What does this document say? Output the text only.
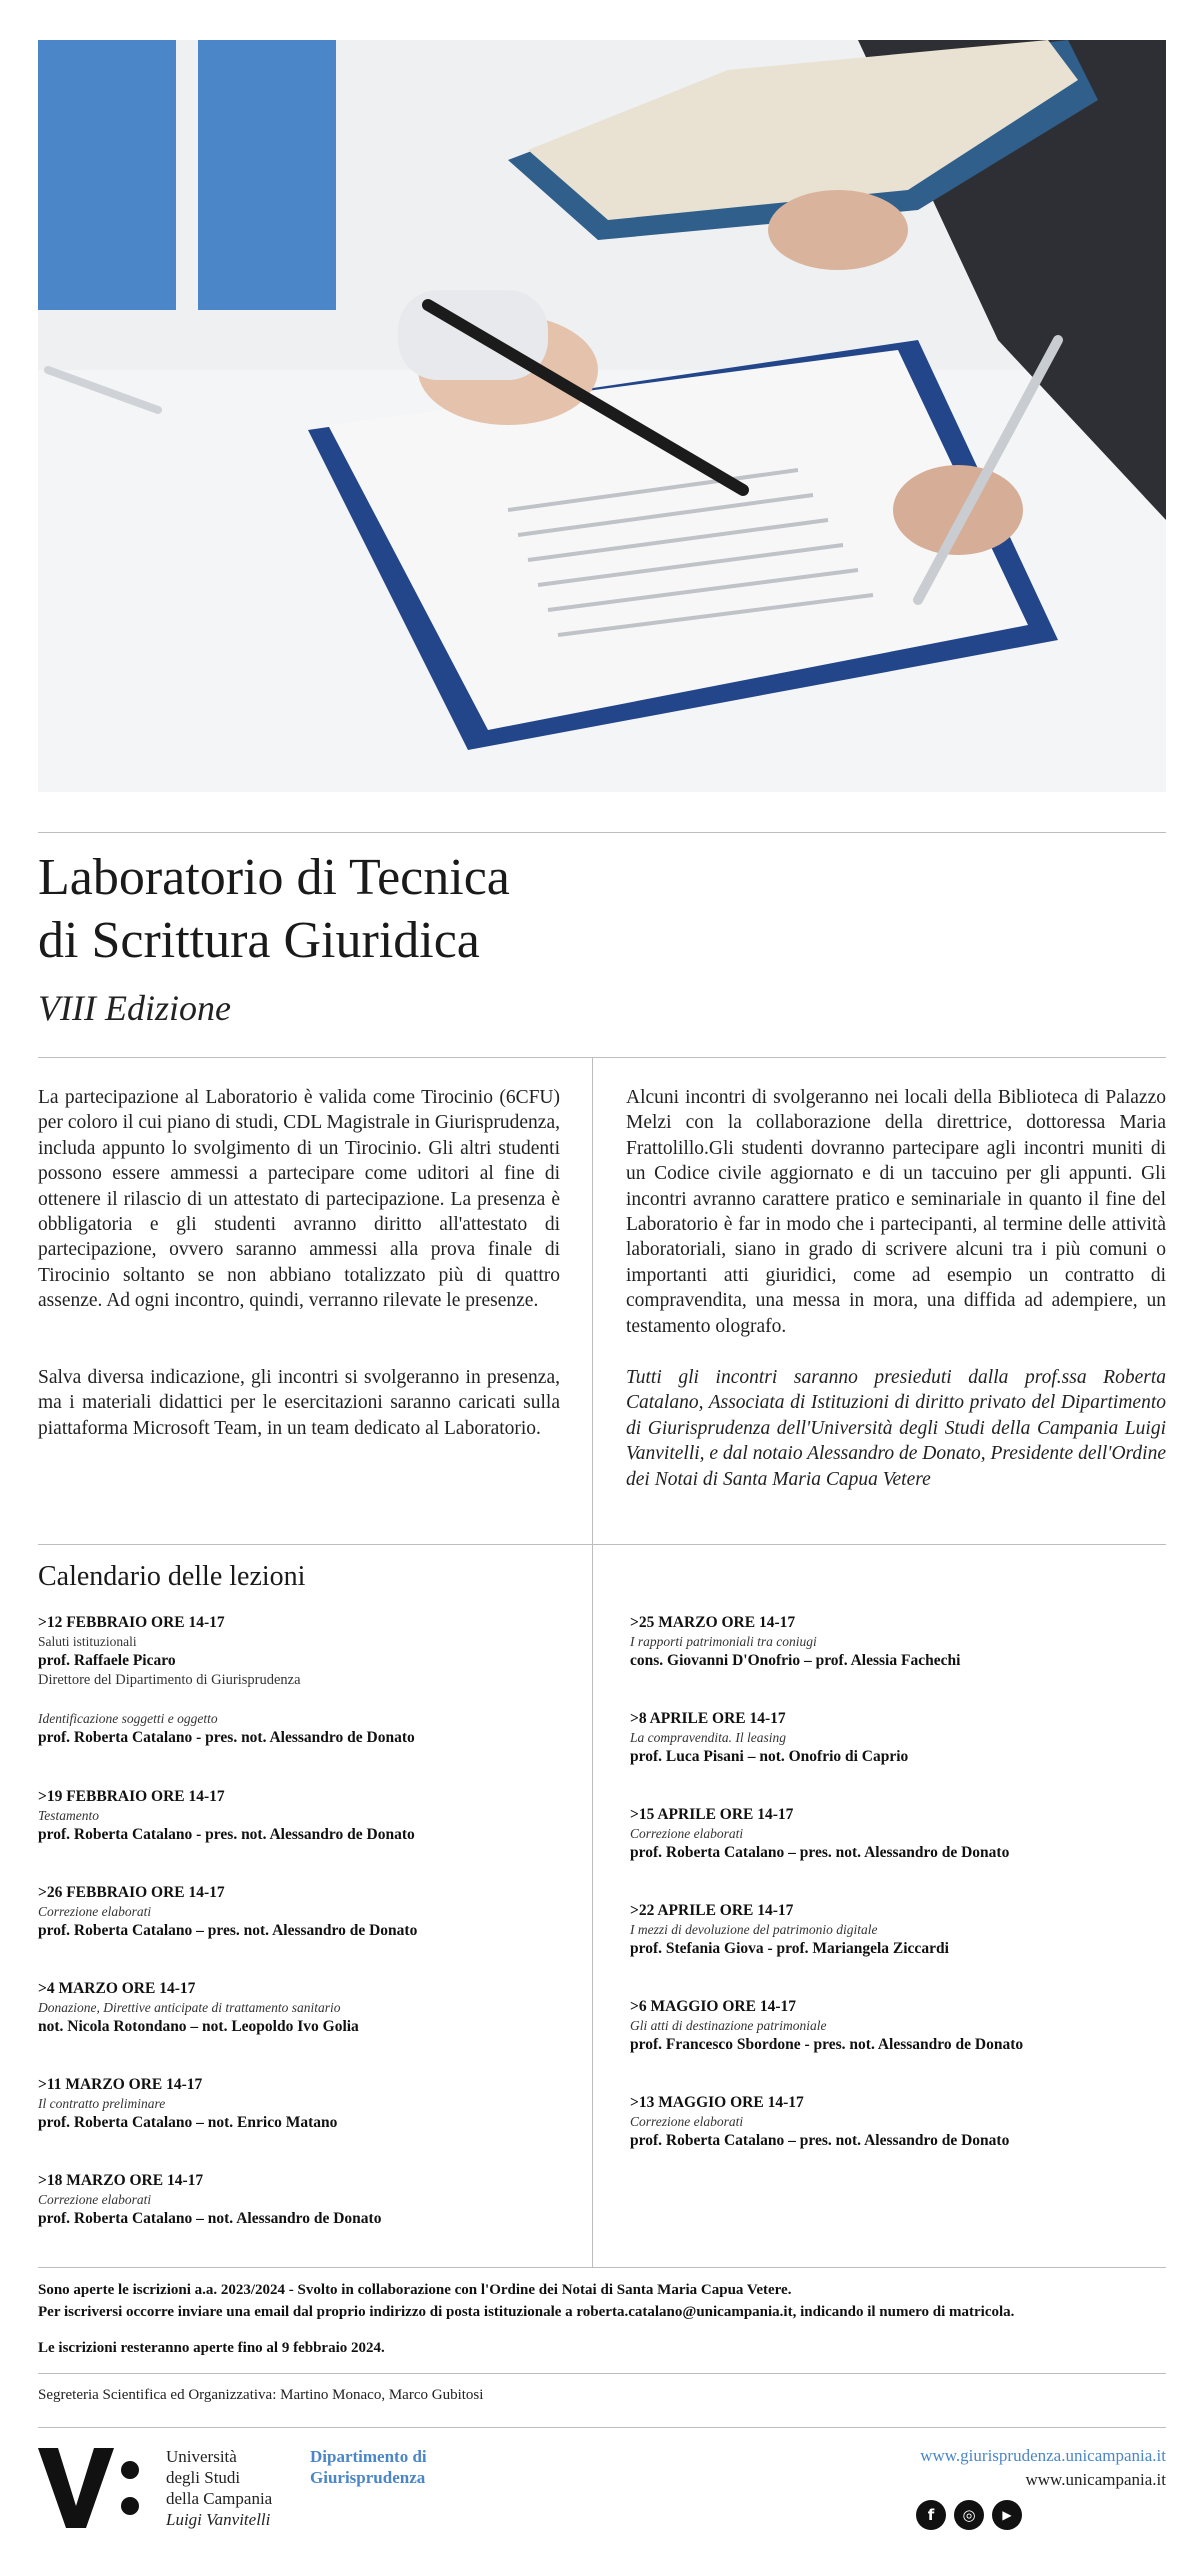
Laboratorio di Tecnica
di Scrittura Giuridica
VIII Edizione

La partecipazione al Laboratorio è valida come Tirocinio (6CFU) per coloro il cui piano di studi, CDL Magistrale in Giurisprudenza, includa appunto lo svolgimento di un Tirocinio. Gli altri studenti possono essere ammessi a partecipare come uditori al fine di ottenere il rilascio di un attestato di partecipazione. La presenza è obbligatoria e gli studenti avranno diritto all'attestato di partecipazione, ovvero saranno ammessi alla prova finale di Tirocinio soltanto se non abbiano totalizzato più di quattro assenze. Ad ogni incontro, quindi, verranno rilevate le presenze.

Salva diversa indicazione, gli incontri si svolgeranno in presenza, ma i materiali didattici per le esercitazioni saranno caricati sulla piattaforma Microsoft Team, in un team dedicato al Laboratorio.

Alcuni incontri di svolgeranno nei locali della Biblioteca di Palazzo Melzi con la collaborazione della direttrice, dottoressa Maria Frattolillo.Gli studenti dovranno partecipare agli incontri muniti di un Codice civile aggiornato e di un taccuino per gli appunti. Gli incontri avranno carattere pratico e seminariale in quanto il fine del Laboratorio è far in modo che i partecipanti, al termine delle attività laboratoriali, siano in grado di scrivere alcuni tra i più comuni o importanti atti giuridici, come ad esempio un contratto di compravendita, una messa in mora, una diffida ad adempiere, un testamento olografo.

Tutti gli incontri saranno presieduti dalla prof.ssa Roberta Catalano, Associata di Istituzioni di diritto privato del Dipartimento di Giurisprudenza dell'Università degli Studi della Campania Luigi Vanvitelli, e dal notaio Alessandro de Donato, Presidente dell'Ordine dei Notai di Santa Maria Capua Vetere

Calendario delle lezioni
>12 FEBBRAIO ORE 14-17
Saluti istituzionali
prof. Raffaele Picaro
Direttore del Dipartimento di Giurisprudenza
Identificazione soggetti e oggetto
prof. Roberta Catalano - pres. not. Alessandro de Donato
>19 FEBBRAIO ORE 14-17
Testamento
prof. Roberta Catalano - pres. not. Alessandro de Donato
>26 FEBBRAIO ORE 14-17
Correzione elaborati
prof. Roberta Catalano – pres. not. Alessandro de Donato
>4 MARZO ORE 14-17
Donazione, Direttive anticipate di trattamento sanitario
not. Nicola Rotondano – not. Leopoldo Ivo Golia
>11 MARZO ORE 14-17
Il contratto preliminare
prof. Roberta Catalano – not. Enrico Matano
>18 MARZO ORE 14-17
Correzione elaborati
prof. Roberta Catalano – not. Alessandro de Donato
>25 MARZO ORE 14-17
I rapporti patrimoniali tra coniugi
cons. Giovanni D'Onofrio – prof. Alessia Fachechi
>8 APRILE ORE 14-17
La compravendita. Il leasing
prof. Luca Pisani – not. Onofrio di Caprio
>15 APRILE ORE 14-17
Correzione elaborati
prof. Roberta Catalano – pres. not. Alessandro de Donato
>22 APRILE ORE 14-17
I mezzi di devoluzione del patrimonio digitale
prof. Stefania Giova - prof. Mariangela Ziccardi
>6 MAGGIO ORE 14-17
Gli atti di destinazione patrimoniale
prof. Francesco Sbordone - pres. not. Alessandro de Donato
>13 MAGGIO ORE 14-17
Correzione elaborati
prof. Roberta Catalano – pres. not. Alessandro de Donato
Sono aperte le iscrizioni a.a. 2023/2024 - Svolto in collaborazione con l'Ordine dei Notai di Santa Maria Capua Vetere.
Per iscriversi occorre inviare una email dal proprio indirizzo di posta istituzionale a roberta.catalano@unicampania.it, indicando il numero di matricola.
Le iscrizioni resteranno aperte fino al 9 febbraio 2024.
Segreteria Scientifica ed Organizzativa: Martino Monaco, Marco Gubitosi
Università
degli Studi
della Campania
Luigi Vanvitelli
Dipartimento di
Giurisprudenza
www.giurisprudenza.unicampania.it
www.unicampania.it
f	◎	▶
